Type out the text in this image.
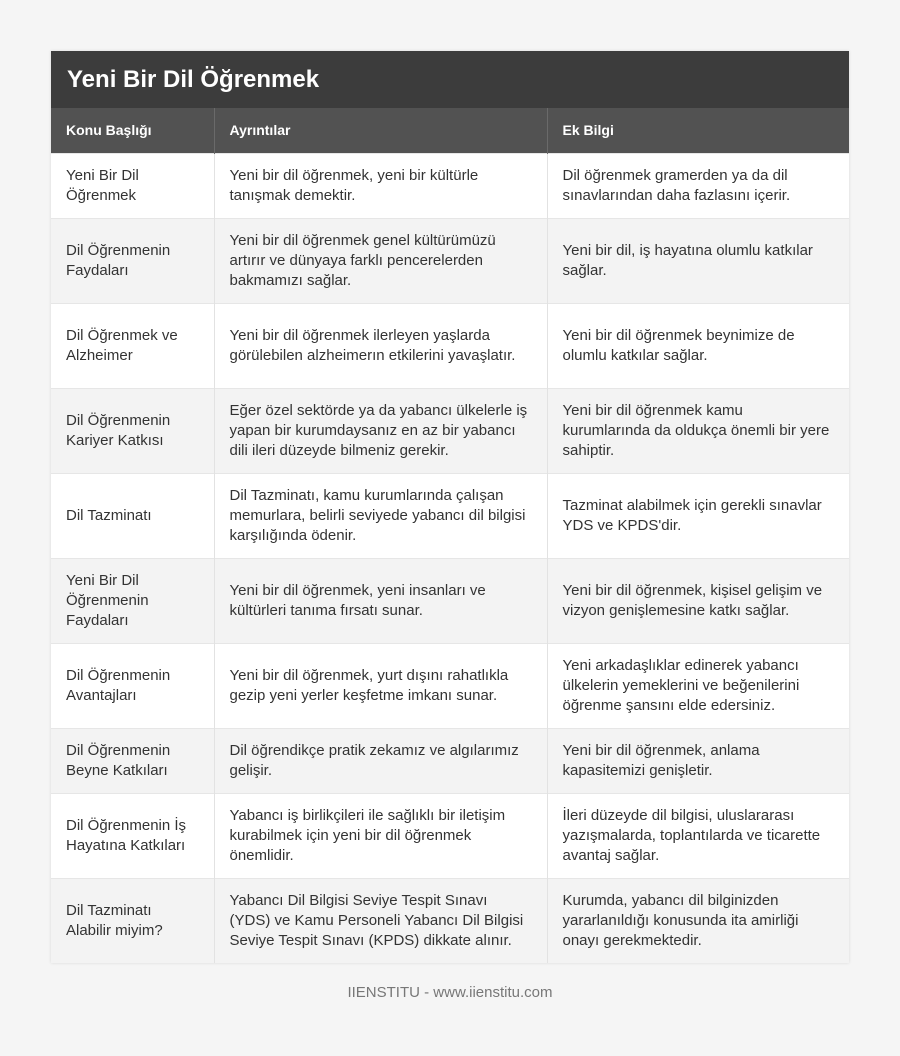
Yeni Bir Dil Öğrenmek
Konu Başlığı	Ayrıntılar	Ek Bilgi
Yeni Bir Dil Öğrenmek	Yeni bir dil öğrenmek, yeni bir kültürle tanışmak demektir.	Dil öğrenmek gramerden ya da dil sınavlarından daha fazlasını içerir.
Dil Öğrenmenin Faydaları	Yeni bir dil öğrenmek genel kültürümüzü artırır ve dünyaya farklı pencerelerden bakmamızı sağlar.	Yeni bir dil, iş hayatına olumlu katkılar sağlar.
Dil Öğrenmek ve Alzheimer	Yeni bir dil öğrenmek ilerleyen yaşlarda görülebilen alzheimerın etkilerini yavaşlatır.	Yeni bir dil öğrenmek beynimize de olumlu katkılar sağlar.
Dil Öğrenmenin Kariyer Katkısı	Eğer özel sektörde ya da yabancı ülkelerle iş yapan bir kurumdaysanız en az bir yabancı dili ileri düzeyde bilmeniz gerekir.	Yeni bir dil öğrenmek kamu kurumlarında da oldukça önemli bir yere sahiptir.
Dil Tazminatı	Dil Tazminatı, kamu kurumlarında çalışan memurlara, belirli seviyede yabancı dil bilgisi karşılığında ödenir.	Tazminat alabilmek için gerekli sınavlar YDS ve KPDS'dir.
Yeni Bir Dil Öğrenmenin Faydaları	Yeni bir dil öğrenmek, yeni insanları ve kültürleri tanıma fırsatı sunar.	Yeni bir dil öğrenmek, kişisel gelişim ve vizyon genişlemesine katkı sağlar.
Dil Öğrenmenin Avantajları	Yeni bir dil öğrenmek, yurt dışını rahatlıkla gezip yeni yerler keşfetme imkanı sunar.	Yeni arkadaşlıklar edinerek yabancı ülkelerin yemeklerini ve beğenilerini öğrenme şansını elde edersiniz.
Dil Öğrenmenin Beyne Katkıları	Dil öğrendikçe pratik zekamız ve algılarımız gelişir.	Yeni bir dil öğrenmek, anlama kapasitemizi genişletir.
Dil Öğrenmenin İş Hayatına Katkıları	Yabancı iş birlikçileri ile sağlıklı bir iletişim kurabilmek için yeni bir dil öğrenmek önemlidir.	İleri düzeyde dil bilgisi, uluslararası yazışmalarda, toplantılarda ve ticarette avantaj sağlar.
Dil Tazminatı Alabilir miyim?	Yabancı Dil Bilgisi Seviye Tespit Sınavı (YDS) ve Kamu Personeli Yabancı Dil Bilgisi Seviye Tespit Sınavı (KPDS) dikkate alınır.	Kurumda, yabancı dil bilginizden yararlanıldığı konusunda ita amirliği onayı gerekmektedir.
IIENSTITU - www.iienstitu.com
